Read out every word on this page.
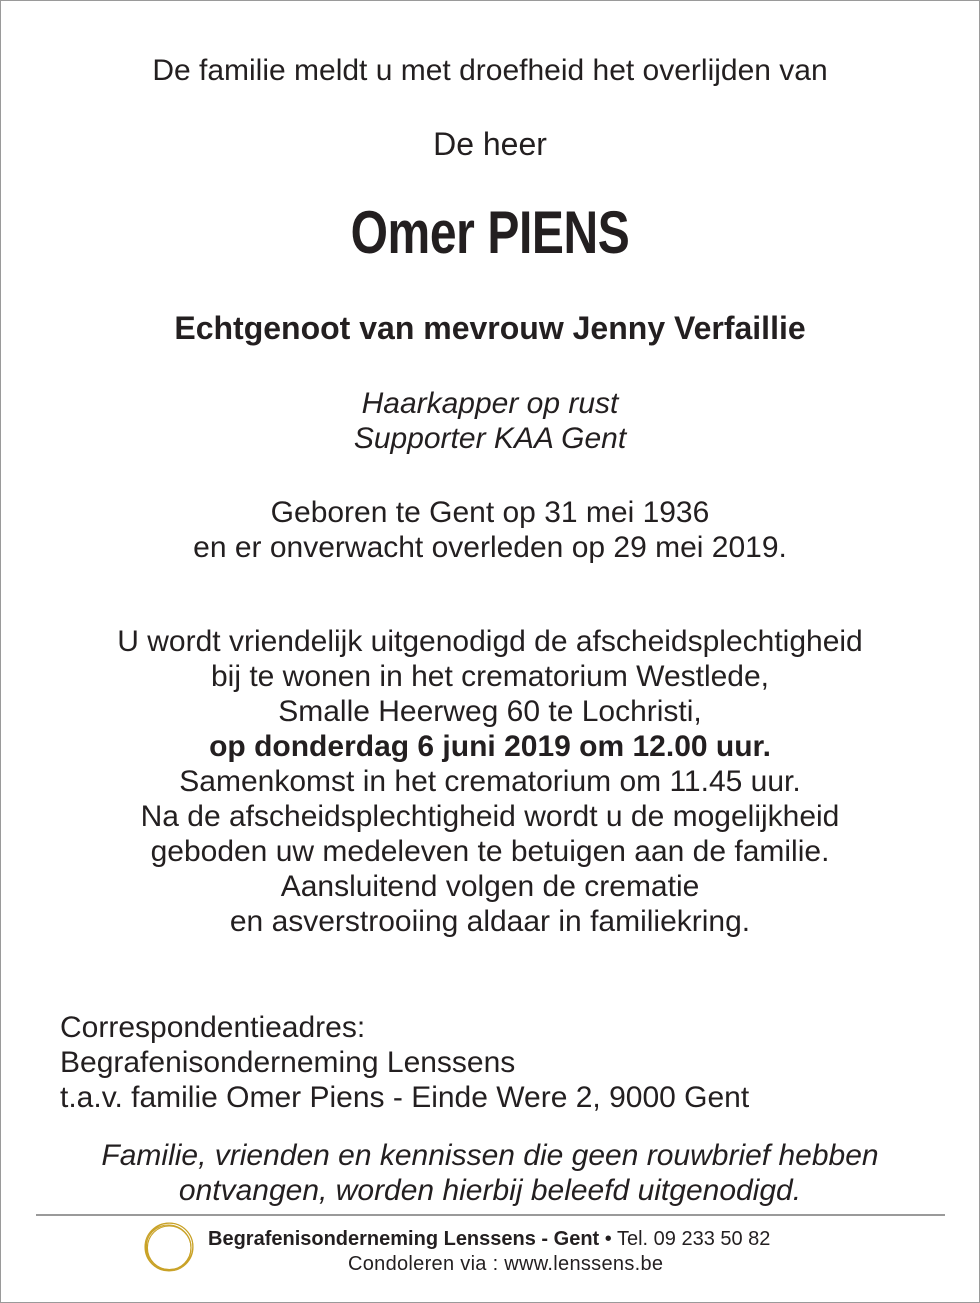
De familie meldt u met droefheid het overlijden van

De heer

Omer PIENS

Echtgenoot van mevrouw Jenny Verfaillie

Haarkapper op rust

Supporter KAA Gent

Geboren te Gent op 31 mei 1936

en er onverwacht overleden op 29 mei 2019.

U wordt vriendelijk uitgenodigd de afscheidsplechtigheid

bij te wonen in het crematorium Westlede,

Smalle Heerweg 60 te Lochristi,

op donderdag 6 juni 2019 om 12.00 uur.

Samenkomst in het crematorium om 11.45 uur.

Na de afscheidsplechtigheid wordt u de mogelijkheid

geboden uw medeleven te betuigen aan de familie.

Aansluitend volgen de crematie

en asverstrooiing aldaar in familiekring.

Correspondentieadres:

Begrafenisonderneming Lenssens

t.a.v. familie Omer Piens - Einde Were 2, 9000 Gent

Familie, vrienden en kennissen die geen rouwbrief hebben

ontvangen, worden hierbij beleefd uitgenodigd.

Begrafenisonderneming Lenssens - Gent • Tel. 09 233 50 82
Condoleren via : www.lenssens.be
